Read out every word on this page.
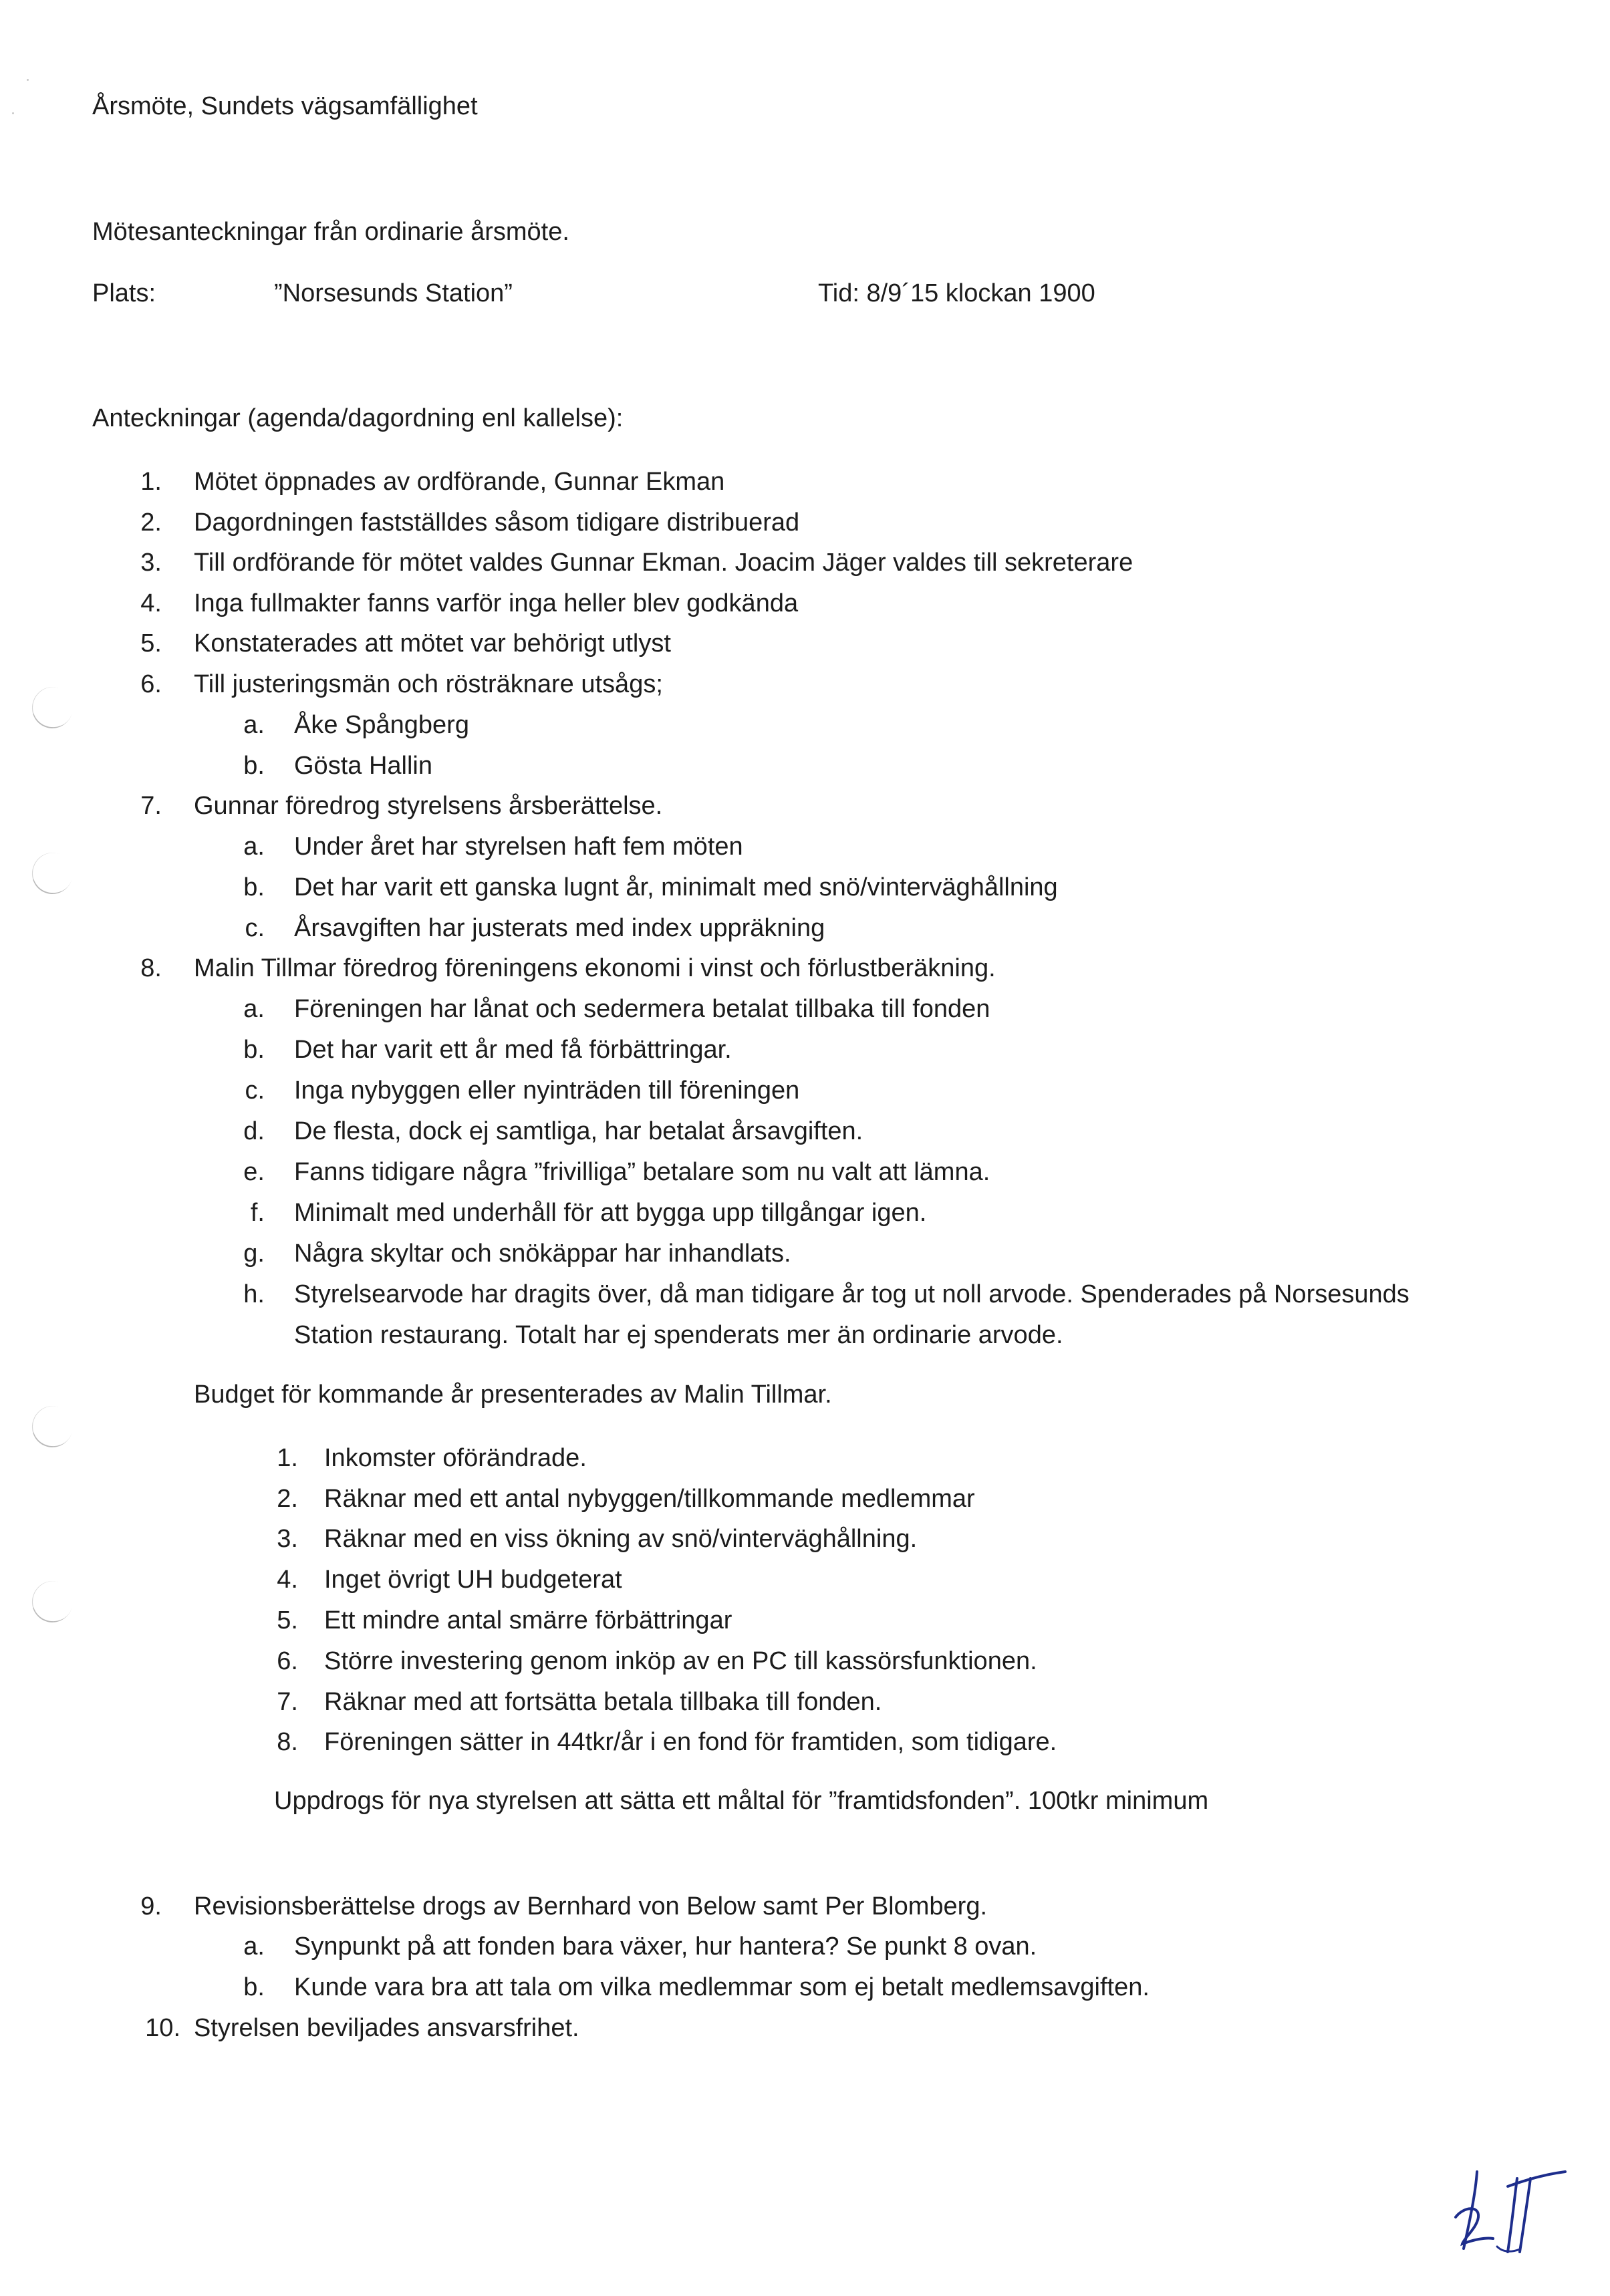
Årsmöte, Sundets vägsamfällighet
Mötesanteckningar från ordinarie årsmöte.
Plats:	”Norsesunds Station”	Tid: 8/9´15 klockan 1900
Anteckningar (agenda/dagordning enl kallelse):
1. Mötet öppnades av ordförande, Gunnar Ekman
2. Dagordningen fastställdes såsom tidigare distribuerad
3. Till ordförande för mötet valdes Gunnar Ekman. Joacim Jäger valdes till sekreterare
4. Inga fullmakter fanns varför inga heller blev godkända
5. Konstaterades att mötet var behörigt utlyst
6. Till justeringsmän och rösträknare utsågs;
a. Åke Spångberg
b. Gösta Hallin
7. Gunnar föredrog styrelsens årsberättelse.
a. Under året har styrelsen haft fem möten
b. Det har varit ett ganska lugnt år, minimalt med snö/vinterväghållning
c. Årsavgiften har justerats med index uppräkning
8. Malin Tillmar föredrog föreningens ekonomi i vinst och förlustberäkning.
a. Föreningen har lånat och sedermera betalat tillbaka till fonden
b. Det har varit ett år med få förbättringar.
c. Inga nybyggen eller nyinträden till föreningen
d. De flesta, dock ej samtliga, har betalat årsavgiften.
e. Fanns tidigare några ”frivilliga” betalare som nu valt att lämna.
f. Minimalt med underhåll för att bygga upp tillgångar igen.
g. Några skyltar och snökäppar har inhandlats.
h. Styrelsearvode har dragits över, då man tidigare år tog ut noll arvode. Spenderades på Norsesunds
Station restaurang. Totalt har ej spenderats mer än ordinarie arvode.
Budget för kommande år presenterades av Malin Tillmar.
1. Inkomster oförändrade.
2. Räknar med ett antal nybyggen/tillkommande medlemmar
3. Räknar med en viss ökning av snö/vinterväghållning.
4. Inget övrigt UH budgeterat
5. Ett mindre antal smärre förbättringar
6. Större investering genom inköp av en PC till kassörsfunktionen.
7. Räknar med att fortsätta betala tillbaka till fonden.
8. Föreningen sätter in 44tkr/år i en fond för framtiden, som tidigare.
Uppdrogs för nya styrelsen att sätta ett måltal för ”framtidsfonden”. 100tkr minimum
9. Revisionsberättelse drogs av Bernhard von Below samt Per Blomberg.
a. Synpunkt på att fonden bara växer, hur hantera? Se punkt 8 ovan.
b. Kunde vara bra att tala om vilka medlemmar som ej betalt medlemsavgiften.
10. Styrelsen beviljades ansvarsfrihet.
